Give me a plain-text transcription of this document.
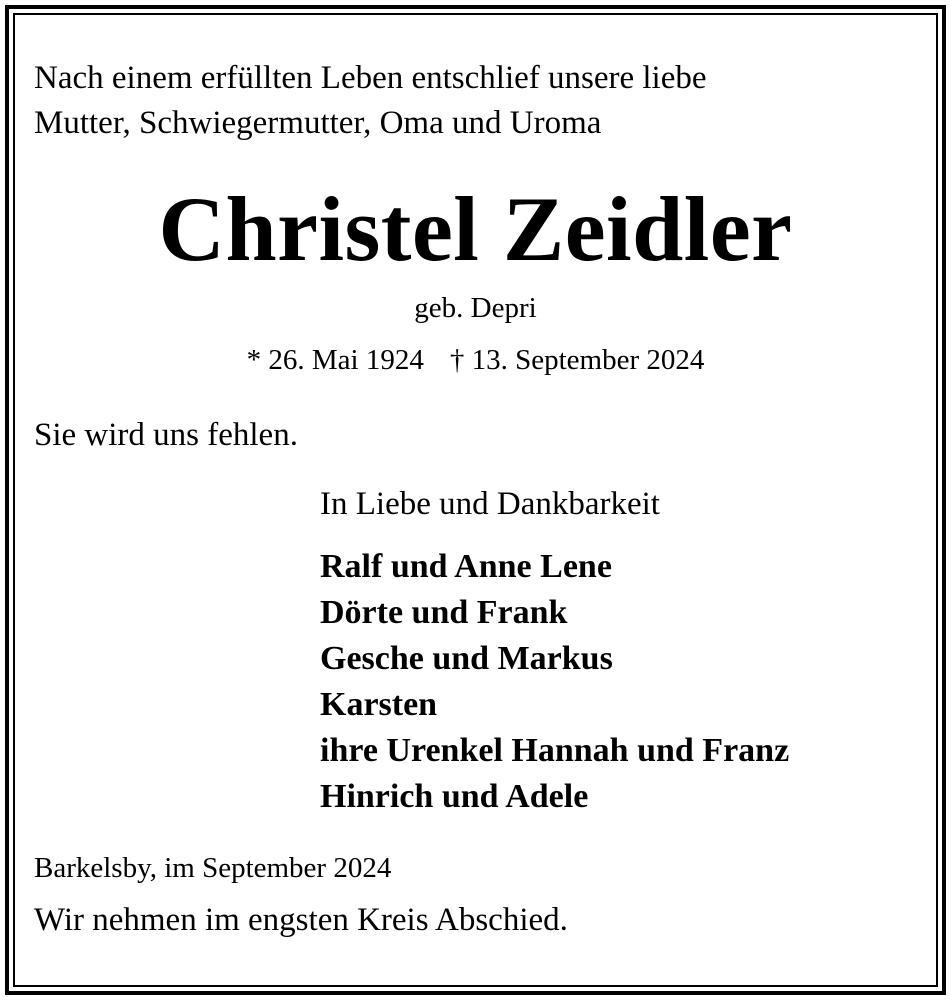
Nach einem erfüllten Leben entschlief unsere liebe
Mutter, Schwiegermutter, Oma und Uroma

Christel Zeidler

geb. Depri

* 26. Mai 1924 † 13. September 2024

Sie wird uns fehlen.

In Liebe und Dankbarkeit

Ralf und Anne Lene
Dörte und Frank
Gesche und Markus
Karsten
ihre Urenkel Hannah und Franz
Hinrich und Adele

Barkelsby, im September 2024

Wir nehmen im engsten Kreis Abschied.
